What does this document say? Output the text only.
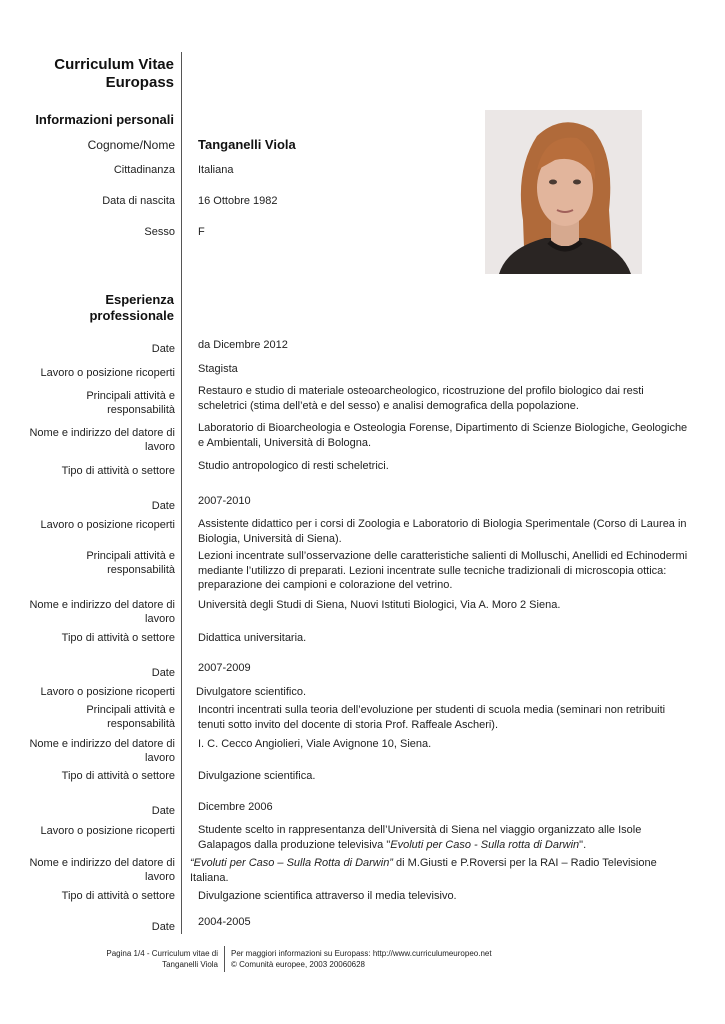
Curriculum Vitae
Europass
Informazioni personali
Cognome/Nome Tanganelli Viola
Cittadinanza Italiana
Data di nascita 16 Ottobre 1982
Sesso F
Esperienza
professionale
Date da Dicembre 2012
Lavoro o posizione ricoperti Stagista
Principali attività e
responsabilità
Restauro e studio di materiale osteoarcheologico, ricostruzione del profilo biologico dai resti scheletrici (stima dell’età e del sesso) e analisi demografica della popolazione.
Nome e indirizzo del datore di
lavoro
Laboratorio di Bioarcheologia e Osteologia Forense, Dipartimento di Scienze Biologiche, Geologiche e Ambientali, Università di Bologna.
Tipo di attività o settore Studio antropologico di resti scheletrici.
Date 2007-2010
Lavoro o posizione ricoperti Assistente didattico per i corsi di Zoologia e Laboratorio di Biologia Sperimentale (Corso di Laurea in Biologia, Università di Siena).
Principali attività e
responsabilità
Lezioni incentrate sull’osservazione delle caratteristiche salienti di Molluschi, Anellidi ed Echinodermi mediante l’utilizzo di preparati. Lezioni incentrate sulle tecniche tradizionali di microscopia ottica: preparazione dei campioni e colorazione del vetrino.
Nome e indirizzo del datore di
lavoro
Università degli Studi di Siena, Nuovi Istituti Biologici, Via A. Moro 2 Siena.
Tipo di attività o settore Didattica universitaria.
Date 2007-2009
Lavoro o posizione ricoperti Divulgatore scientifico.
Principali attività e
responsabilità
Incontri incentrati sulla teoria dell’evoluzione per studenti di scuola media (seminari non retribuiti tenuti sotto invito del docente di storia Prof. Raffeale Ascheri).
Nome e indirizzo del datore di
lavoro
I. C. Cecco Angiolieri, Viale Avignone 10, Siena.
Tipo di attività o settore Divulgazione scientifica.
Date Dicembre 2006
Lavoro o posizione ricoperti Studente scelto in rappresentanza dell’Università di Siena nel viaggio organizzato alle Isole Galapagos dalla produzione televisiva "Evoluti per Caso - Sulla rotta di Darwin".
Nome e indirizzo del datore di
lavoro
“Evoluti per Caso – Sulla Rotta di Darwin” di M.Giusti e P.Roversi per la RAI – Radio Televisione Italiana.
Tipo di attività o settore Divulgazione scientifica attraverso il media televisivo.
Date 2004-2005
Pagina 1/4 - Curriculum vitae di
Tanganelli Viola
Per maggiori informazioni su Europass: http://www.curriculumeuropeo.net
© Comunità europee, 2003 20060628
